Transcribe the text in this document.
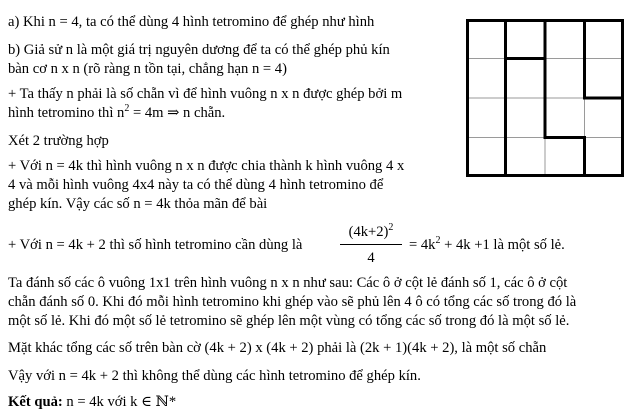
a) Khi n = 4, ta có thể dùng 4 hình tetromino để ghép như hình
b) Giả sử n là một giá trị nguyên dương để ta có thể ghép phủ kín
bàn cơ n x n (rõ ràng n tồn tại, chẳng hạn n = 4)
+ Ta thấy n phải là số chẵn vì để hình vuông n x n được ghép bởi m
hình tetromino thì $n^2 = 4m$ ⇒ n chẵn.
Xét 2 trường hợp
+ Với n = 4k thì hình vuông n x n được chia thành k hình vuông 4 x
4 và mỗi hình vuông 4x4 này ta có thể dùng 4 hình tetromino để
ghép kín. Vậy các số n = 4k thỏa mãn để bài
+ Với n = 4k + 2 thì số hình tetromino cần dùng là
$(4k+2)^2$
4
= $4k^2 + 4k +1$ là một số lẻ.
Ta đánh số các ô vuông 1x1 trên hình vuông n x n như sau: Các ô ở cột lẻ đánh số 1, các ô ở cột
chẵn đánh số 0. Khi đó mỗi hình tetromino khi ghép vào sẽ phủ lên 4 ô có tổng các số trong đó là
một số lẻ. Khi đó một số lẻ tetromino sẽ ghép lên một vùng có tổng các số trong đó là một số lẻ.
Mặt khác tổng các số trên bàn cờ (4k + 2) x (4k + 2) phải là (2k + 1)(4k + 2), là một số chẵn
Vậy với n = 4k + 2 thì không thể dùng các hình tetromino để ghép kín.
Kết quả: n = 4k với k ∈ ℕ*
